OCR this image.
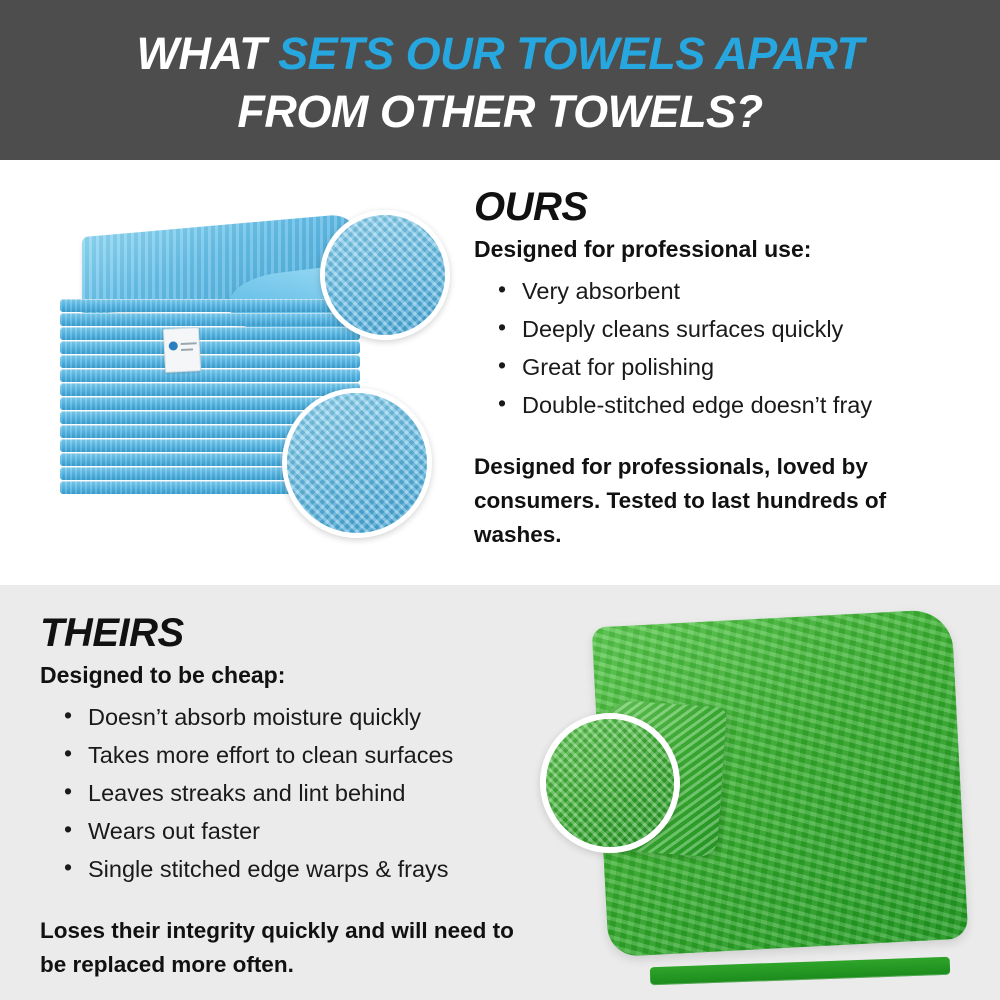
WHAT SETS OUR TOWELS APART
FROM OTHER TOWELS?
OURS
Designed for professional use:
• Very absorbent
• Deeply cleans surfaces quickly
• Great for polishing
• Double-stitched edge doesn’t fray
Designed for professionals, loved by consumers. Tested to last hundreds of washes.
THEIRS
Designed to be cheap:
• Doesn’t absorb moisture quickly
• Takes more effort to clean surfaces
• Leaves streaks and lint behind
• Wears out faster
• Single stitched edge warps & frays
Loses their integrity quickly and will need to be replaced more often.
